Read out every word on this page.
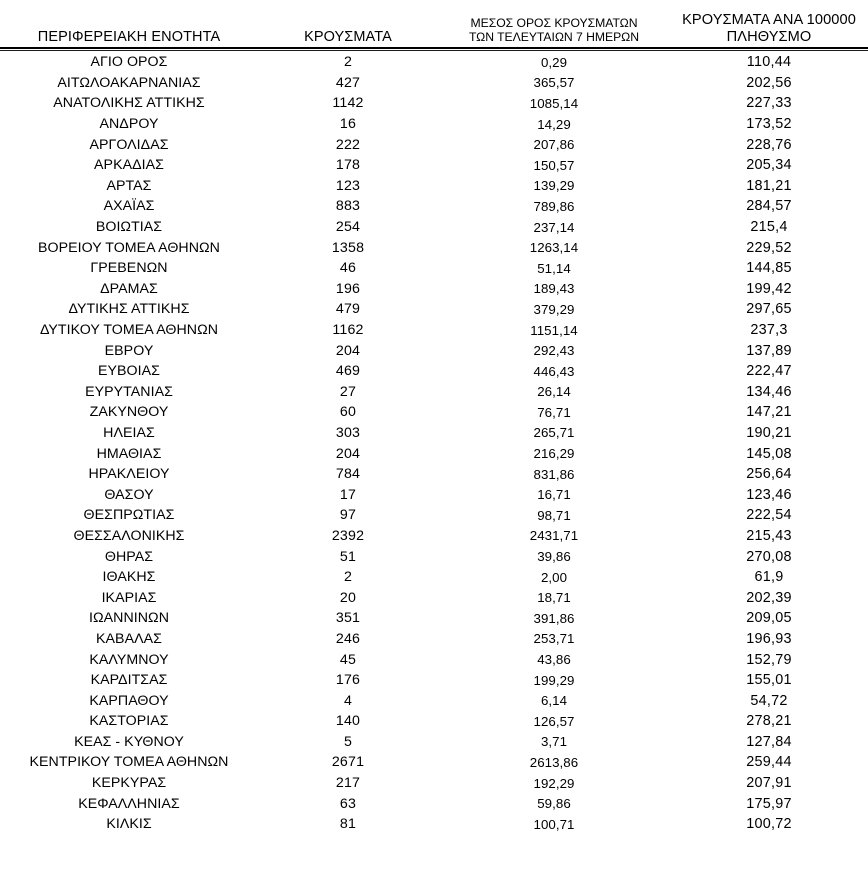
ΠΕΡΙΦΕΡΕΙΑΚΗ ΕΝΟΤΗΤΑ	ΚΡΟΥΣΜΑΤΑ	ΜΕΣΟΣ ΟΡΟΣ ΚΡΟΥΣΜΑΤΩΝ
ΤΩΝ ΤΕΛΕΥΤΑΙΩΝ 7 ΗΜΕΡΩΝ	ΚΡΟΥΣΜΑΤΑ ΑΝΑ 100000
ΠΛΗΘΥΣΜΟ

ΑΓΙΟ ΟΡΟΣ	2	0,29	110,44
ΑΙΤΩΛΟΑΚΑΡΝΑΝΙΑΣ	427	365,57	202,56
ΑΝΑΤΟΛΙΚΗΣ ΑΤΤΙΚΗΣ	1142	1085,14	227,33
ΑΝΔΡΟΥ	16	14,29	173,52
ΑΡΓΟΛΙΔΑΣ	222	207,86	228,76
ΑΡΚΑΔΙΑΣ	178	150,57	205,34
ΑΡΤΑΣ	123	139,29	181,21
ΑΧΑΪΑΣ	883	789,86	284,57
ΒΟΙΩΤΙΑΣ	254	237,14	215,4
ΒΟΡΕΙΟΥ ΤΟΜΕΑ ΑΘΗΝΩΝ	1358	1263,14	229,52
ΓΡΕΒΕΝΩΝ	46	51,14	144,85
ΔΡΑΜΑΣ	196	189,43	199,42
ΔΥΤΙΚΗΣ ΑΤΤΙΚΗΣ	479	379,29	297,65
ΔΥΤΙΚΟΥ ΤΟΜΕΑ ΑΘΗΝΩΝ	1162	1151,14	237,3
ΕΒΡΟΥ	204	292,43	137,89
ΕΥΒΟΙΑΣ	469	446,43	222,47
ΕΥΡΥΤΑΝΙΑΣ	27	26,14	134,46
ΖΑΚΥΝΘΟΥ	60	76,71	147,21
ΗΛΕΙΑΣ	303	265,71	190,21
ΗΜΑΘΙΑΣ	204	216,29	145,08
ΗΡΑΚΛΕΙΟΥ	784	831,86	256,64
ΘΑΣΟΥ	17	16,71	123,46
ΘΕΣΠΡΩΤΙΑΣ	97	98,71	222,54
ΘΕΣΣΑΛΟΝΙΚΗΣ	2392	2431,71	215,43
ΘΗΡΑΣ	51	39,86	270,08
ΙΘΑΚΗΣ	2	2,00	61,9
ΙΚΑΡΙΑΣ	20	18,71	202,39
ΙΩΑΝΝΙΝΩΝ	351	391,86	209,05
ΚΑΒΑΛΑΣ	246	253,71	196,93
ΚΑΛΥΜΝΟΥ	45	43,86	152,79
ΚΑΡΔΙΤΣΑΣ	176	199,29	155,01
ΚΑΡΠΑΘΟΥ	4	6,14	54,72
ΚΑΣΤΟΡΙΑΣ	140	126,57	278,21
ΚΕΑΣ - ΚΥΘΝΟΥ	5	3,71	127,84
ΚΕΝΤΡΙΚΟΥ ΤΟΜΕΑ ΑΘΗΝΩΝ	2671	2613,86	259,44
ΚΕΡΚΥΡΑΣ	217	192,29	207,91
ΚΕΦΑΛΛΗΝΙΑΣ	63	59,86	175,97
ΚΙΛΚΙΣ	81	100,71	100,72
